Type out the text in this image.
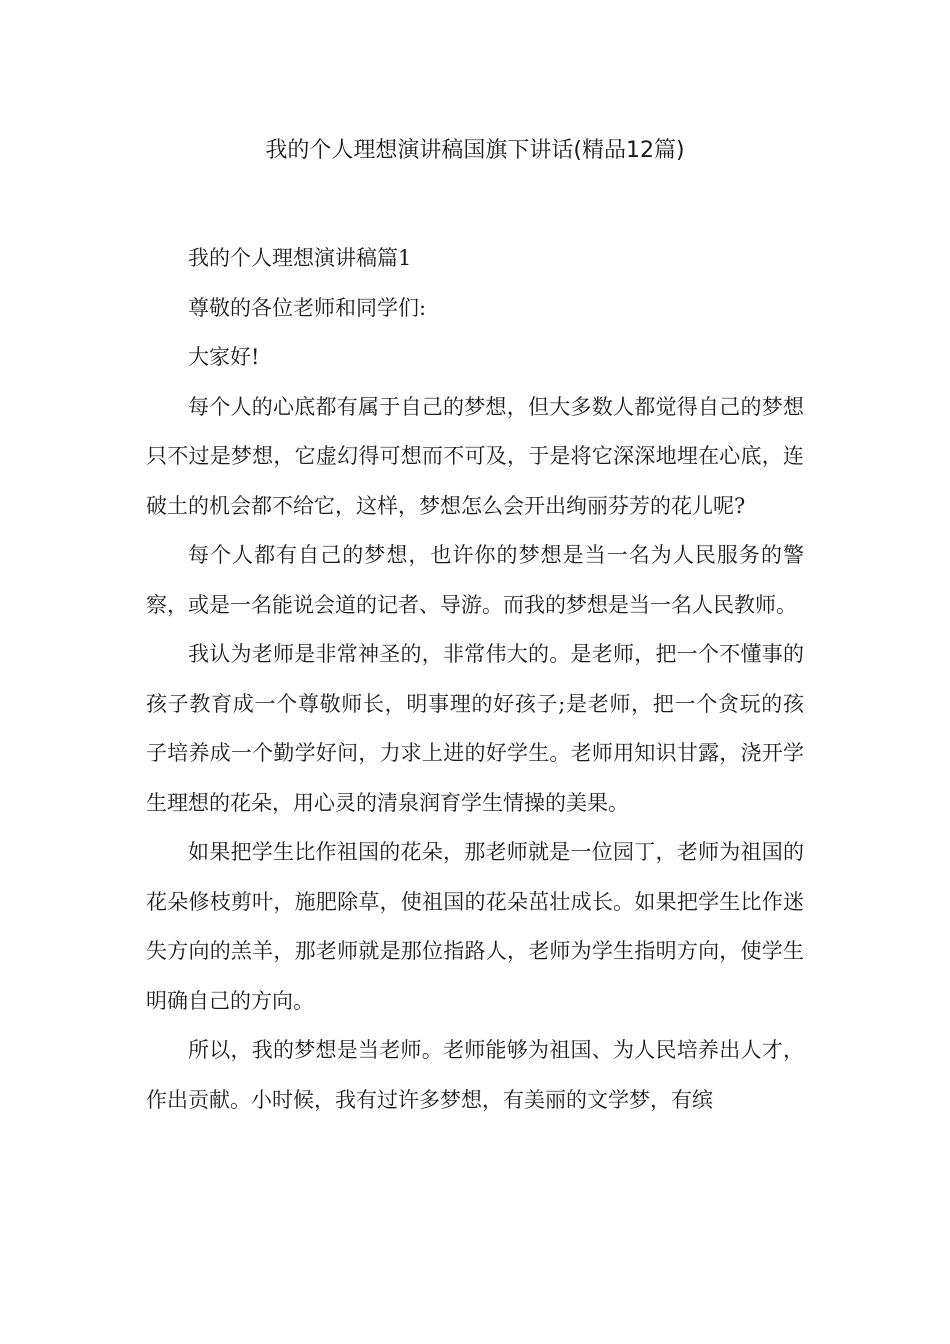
我的个人理想演讲稿国旗下讲话(精品12篇)

我的个人理想演讲稿篇1

尊敬的各位老师和同学们:

大家好!

每个人的心底都有属于自己的梦想，但大多数人都觉得自己的梦想只不过是梦想，它虚幻得可想而不可及，于是将它深深地埋在心底，连破土的机会都不给它，这样，梦想怎么会开出绚丽芬芳的花儿呢?

每个人都有自己的梦想，也许你的梦想是当一名为人民服务的警察，或是一名能说会道的记者、导游。而我的梦想是当一名人民教师。

我认为老师是非常神圣的，非常伟大的。是老师，把一个不懂事的孩子教育成一个尊敬师长，明事理的好孩子;是老师，把一个贪玩的孩子培养成一个勤学好问，力求上进的好学生。老师用知识甘露，浇开学生理想的花朵，用心灵的清泉润育学生情操的美果。

如果把学生比作祖国的花朵，那老师就是一位园丁，老师为祖国的花朵修枝剪叶，施肥除草，使祖国的花朵茁壮成长。如果把学生比作迷失方向的羔羊，那老师就是那位指路人，老师为学生指明方向，使学生明确自己的方向。

所以，我的梦想是当老师。老师能够为祖国、为人民培养出人才，作出贡献。小时候，我有过许多梦想，有美丽的文学梦，有缤
